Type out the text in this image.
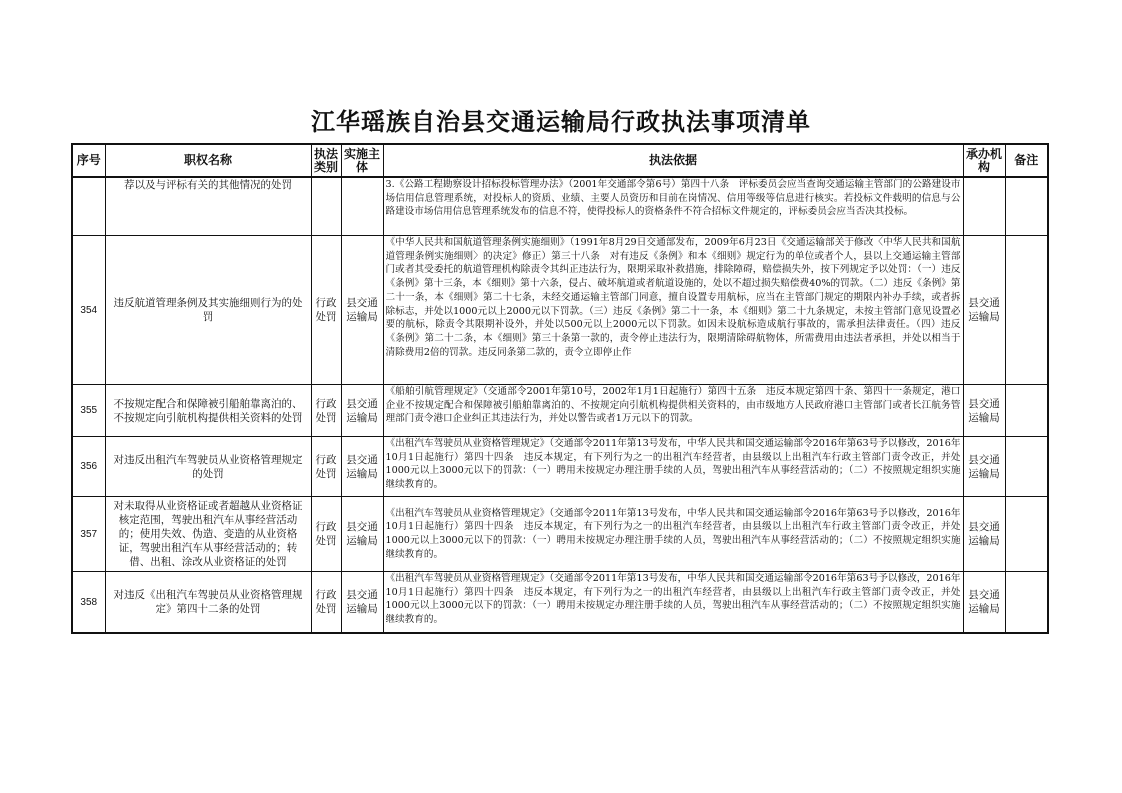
江华瑶族自治县交通运输局行政执法事项清单
序号	职权名称	执法类别	实施主体	执法依据	承办机构	备注
	荐以及与评标有关的其他情况的处罚			3.《公路工程勘察设计招标投标管理办法》（2001年交通部令第6号）第四十八条　评标委员会应当查询交通运输主管部门的公路建设市场信用信息管理系统，对投标人的资质、业绩、主要人员资历和目前在岗情况、信用等级等信息进行核实。若投标文件载明的信息与公路建设市场信用信息管理系统发布的信息不符，使得投标人的资格条件不符合招标文件规定的，评标委员会应当否决其投标。		

354	违反航道管理条例及其实施细则行为的处罚	行政处罚	县交通运输局	《中华人民共和国航道管理条例实施细则》（1991年8月29日交通部发布，2009年6月23日《交通运输部关于修改〈中华人民共和国航道管理条例实施细则〉的决定》修正）第三十八条　对有违反《条例》和本《细则》规定行为的单位或者个人，县以上交通运输主管部门或者其受委托的航道管理机构除责令其纠正违法行为，限期采取补救措施，排除障碍，赔偿损失外，按下列规定予以处罚：（一）违反《条例》第十三条，本《细则》第十六条，侵占、破坏航道或者航道设施的，处以不超过损失赔偿费40%的罚款。（二）违反《条例》第二十一条，本《细则》第二十七条，未经交通运输主管部门同意，擅自设置专用航标，应当在主管部门规定的期限内补办手续，或者拆除标志，并处以1000元以上2000元以下罚款。（三）违反《条例》第二十一条，本《细则》第二十九条规定，未按主管部门意见设置必要的航标，除责令其限期补设外，并处以500元以上2000元以下罚款。如因未设航标造成航行事故的，需承担法律责任。（四）违反《条例》第二十二条，本《细则》第三十条第一款的，责令停止违法行为，限期清除碍航物体，所需费用由违法者承担，并处以相当于清除费用2倍的罚款。违反同条第二款的，责令立即停止作	县交通运输局	
355	不按规定配合和保障被引船舶靠离泊的、不按规定向引航机构提供相关资料的处罚	行政处罚	县交通运输局	《船舶引航管理规定》（交通部令2001年第10号，2002年1月1日起施行）第四十五条　违反本规定第四十条、第四十一条规定，港口企业不按规定配合和保障被引船舶靠离泊的、不按规定向引航机构提供相关资料的，由市级地方人民政府港口主管部门或者长江航务管理部门责令港口企业纠正其违法行为，并处以警告或者1万元以下的罚款。	县交通运输局	
356	对违反出租汽车驾驶员从业资格管理规定的处罚	行政处罚	县交通运输局	《出租汽车驾驶员从业资格管理规定》（交通部令2011年第13号发布，中华人民共和国交通运输部令2016年第63号予以修改，2016年10月1日起施行）第四十四条　违反本规定，有下列行为之一的出租汽车经营者，由县级以上出租汽车行政主管部门责令改正，并处1000元以上3000元以下的罚款：（一）聘用未按规定办理注册手续的人员，驾驶出租汽车从事经营活动的；（二）不按照规定组织实施继续教育的。	县交通运输局	
357	对未取得从业资格证或者超越从业资格证核定范围，驾驶出租汽车从事经营活动的；使用失效、伪造、变造的从业资格证，驾驶出租汽车从事经营活动的；转借、出租、涂改从业资格证的处罚	行政处罚	县交通运输局	《出租汽车驾驶员从业资格管理规定》（交通部令2011年第13号发布，中华人民共和国交通运输部令2016年第63号予以修改，2016年10月1日起施行）第四十四条　违反本规定，有下列行为之一的出租汽车经营者，由县级以上出租汽车行政主管部门责令改正，并处1000元以上3000元以下的罚款：（一）聘用未按规定办理注册手续的人员，驾驶出租汽车从事经营活动的；（二）不按照规定组织实施继续教育的。	县交通运输局	
358	对违反《出租汽车驾驶员从业资格管理规定》第四十二条的处罚	行政处罚	县交通运输局	《出租汽车驾驶员从业资格管理规定》（交通部令2011年第13号发布，中华人民共和国交通运输部令2016年第63号予以修改，2016年10月1日起施行）第四十四条　违反本规定，有下列行为之一的出租汽车经营者，由县级以上出租汽车行政主管部门责令改正，并处1000元以上3000元以下的罚款：（一）聘用未按规定办理注册手续的人员，驾驶出租汽车从事经营活动的；（二）不按照规定组织实施继续教育的。	县交通运输局	
